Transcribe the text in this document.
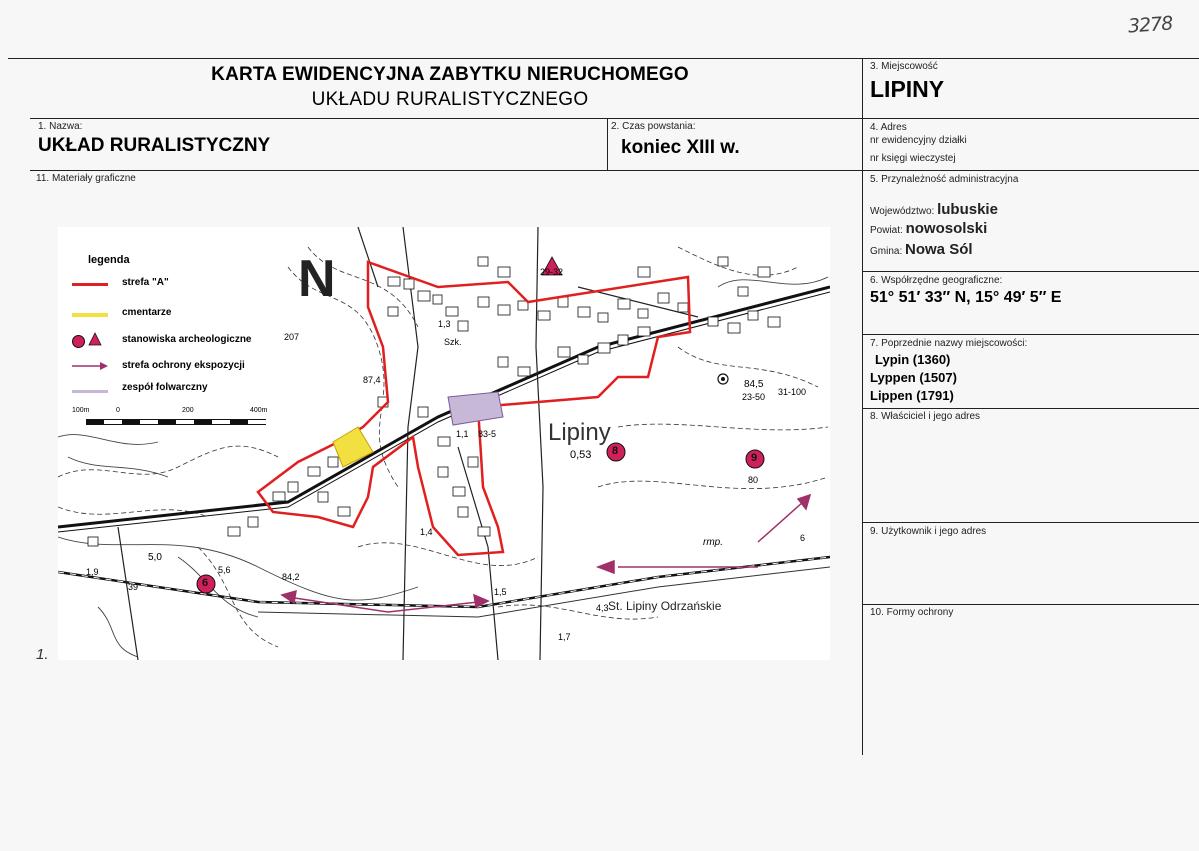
3278
KARTA EWIDENCYJNA ZABYTKU NIERUCHOMEGO
UKŁADU RURALISTYCZNEGO
1. Nazwa:
UKŁAD RURALISTYCZNY
2. Czas powstania:
koniec XIII w.
3. Miejscowość
LIPINY
4. Adres
nr ewidencyjny działki
nr księgi wieczystej
5. Przynależność administracyjna
Województwo: lubuskie
Powiat: nowosolski
Gmina: Nowa Sól
6. Współrzędne geograficzne:
51° 51′ 33″ N, 15° 49′ 5″ E
7. Poprzednie nazwy miejscowości:
Lypin (1360)
Lyppen (1507)
Lippen (1791)
8. Właściciel i jego adres
9. Użytkownik i jego adres
10. Formy ochrony
11. Materiały graficzne
N
Lipiny
St. Lipiny Odrzańskie
8
9
6
0,53
29-32
84,5
23-50 31-100
87,4
83-5
1,1
1,3
1,4
5,0
1,9	5,6
84,2
rmp.
4,3
1,7
80
6
1,5
39
207	Szk.
legenda
strefa "A"
cmentarze
stanowiska archeologiczne
strefa ochrony ekspozycji
zespół folwarczny
100m	0	200	400m
1.
